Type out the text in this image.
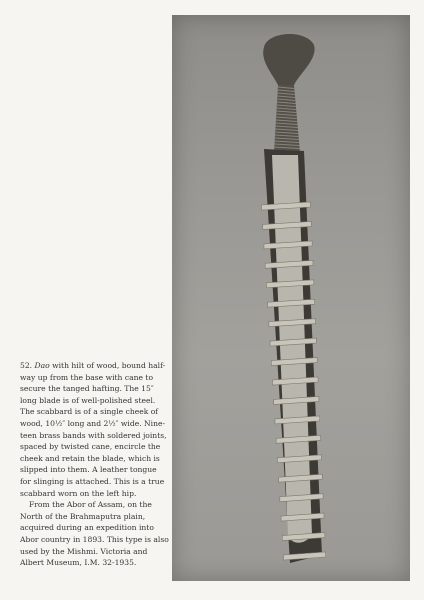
52. Dao with hilt of wood, bound half-way up from the base with cane to secure the tanged hafting. The 15″ long blade is of well-polished steel. The scabbard is of a single cheek of wood, 10½″ long and 2½″ wide. Nine-teen brass bands with soldered joints, spaced by twisted cane, encircle the cheek and retain the blade, which is slipped into them. A leather tongue for slinging is attached. This is a true scabbard worn on the left hip.

From the Abor of Assam, on the North of the Brahmaputra plain, acquired during an expedition into Abor country in 1893. This type is also used by the Mishmi. Victoria and Albert Museum, I.M. 32-1935.
